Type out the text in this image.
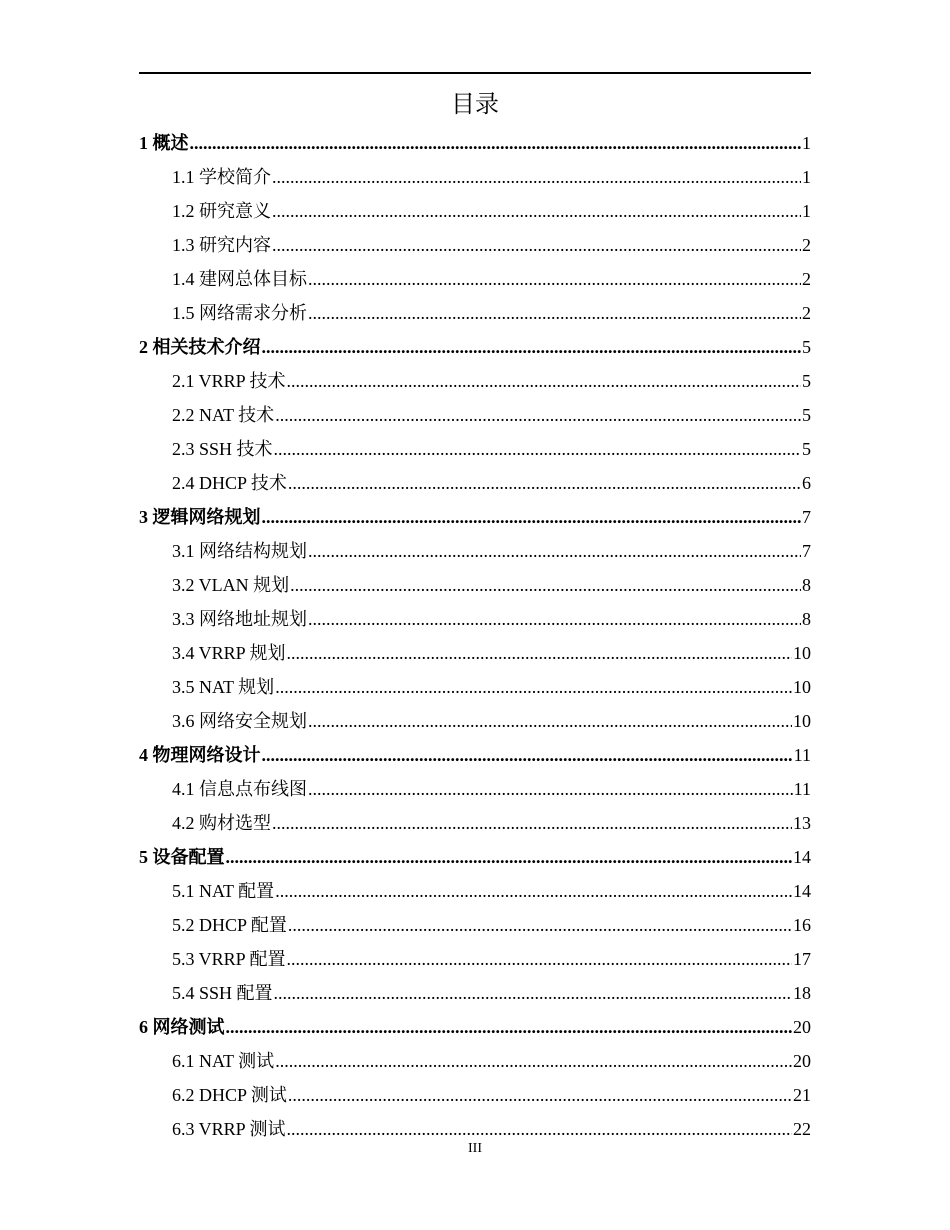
目录
1 概述 .....	1
1.1 学校简介 .....	1
1.2 研究意义 .....	1
1.3 研究内容 .....	2
1.4 建网总体目标 .....	2
1.5 网络需求分析 .....	2
2 相关技术介绍 .....	5
2.1 VRRP 技术 .....	5
2.2 NAT 技术 .....	5
2.3 SSH 技术 .....	5
2.4 DHCP 技术 .....	6
3 逻辑网络规划 .....	7
3.1 网络结构规划 .....	7
3.2 VLAN 规划 .....	8
3.3 网络地址规划 .....	8
3.4 VRRP 规划 .....	10
3.5 NAT 规划 .....	10
3.6 网络安全规划 .....	10
4 物理网络设计 .....	11
4.1 信息点布线图 .....	11
4.2 购材选型 .....	13
5 设备配置 .....	14
5.1 NAT 配置 .....	14
5.2 DHCP 配置 .....	16
5.3 VRRP 配置 .....	17
5.4 SSH 配置 .....	18
6 网络测试 .....	20
6.1 NAT 测试 .....	20
6.2 DHCP 测试 .....	21
6.3 VRRP 测试 .....	22
III
